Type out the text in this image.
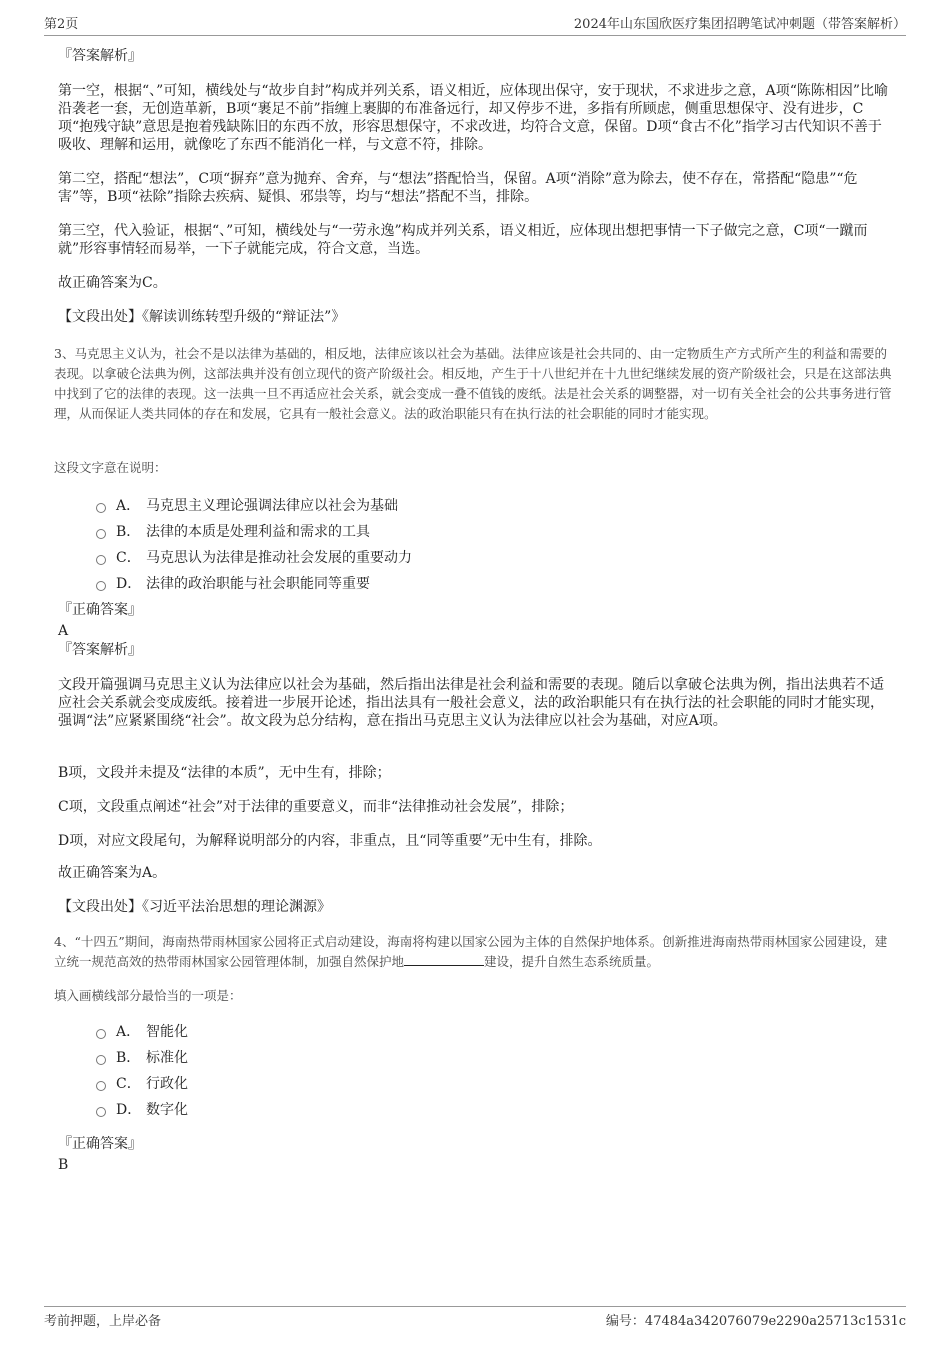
第2页	2024年山东国欣医疗集团招聘笔试冲刺题（带答案解析）
『答案解析』

第一空，根据“、”可知，横线处与“故步自封”构成并列关系，语义相近，应体现出保守，安于现状，不求进步之意，A项“陈陈相因”比喻沿袭老一套，无创造革新，B项“裹足不前”指缠上裹脚的布准备远行，却又停步不进，多指有所顾虑，侧重思想保守、没有进步，C项“抱残守缺”意思是抱着残缺陈旧的东西不放，形容思想保守，不求改进，均符合文意，保留。D项“食古不化”指学习古代知识不善于吸收、理解和运用，就像吃了东西不能消化一样，与文意不符，排除。

第二空，搭配“想法”，C项“摒弃”意为抛弃、舍弃，与“想法”搭配恰当，保留。A项“消除”意为除去，使不存在，常搭配“隐患”“危害”等，B项“祛除”指除去疾病、疑惧、邪祟等，均与“想法”搭配不当，排除。

第三空，代入验证，根据“、”可知，横线处与“一劳永逸”构成并列关系，语义相近，应体现出想把事情一下子做完之意，C项“一蹴而就”形容事情轻而易举，一下子就能完成，符合文意，当选。

故正确答案为C。

【文段出处】《解读训练转型升级的“辩证法”》

3、马克思主义认为，社会不是以法律为基础的，相反地，法律应该以社会为基础。法律应该是社会共同的、由一定物质生产方式所产生的利益和需要的表现。以拿破仑法典为例，这部法典并没有创立现代的资产阶级社会。相反地，产生于十八世纪并在十九世纪继续发展的资产阶级社会，只是在这部法典中找到了它的法律的表现。这一法典一旦不再适应社会关系，就会变成一叠不值钱的废纸。法是社会关系的调整器，对一切有关全社会的公共事务进行管理，从而保证人类共同体的存在和发展，它具有一般社会意义。法的政治职能只有在执行法的社会职能的同时才能实现。

这段文字意在说明：

A． 马克思主义理论强调法律应以社会为基础
B． 法律的本质是处理利益和需求的工具
C． 马克思认为法律是推动社会发展的重要动力
D． 法律的政治职能与社会职能同等重要
『正确答案』
A
『答案解析』

文段开篇强调马克思主义认为法律应以社会为基础，然后指出法律是社会利益和需要的表现。随后以拿破仑法典为例，指出法典若不适应社会关系就会变成废纸。接着进一步展开论述，指出法具有一般社会意义，法的政治职能只有在执行法的社会职能的同时才能实现，强调“法”应紧紧围绕“社会”。故文段为总分结构，意在指出马克思主义认为法律应以社会为基础，对应A项。

B项，文段并未提及“法律的本质”，无中生有，排除；

C项，文段重点阐述“社会”对于法律的重要意义，而非“法律推动社会发展”，排除；

D项，对应文段尾句，为解释说明部分的内容，非重点，且“同等重要”无中生有，排除。

故正确答案为A。

【文段出处】《习近平法治思想的理论渊源》

4、“十四五”期间，海南热带雨林国家公园将正式启动建设，海南将构建以国家公园为主体的自然保护地体系。创新推进海南热带雨林国家公园建设，建立统一规范高效的热带雨林国家公园管理体制，加强自然保护地	建设，提升自然生态系统质量。

填入画横线部分最恰当的一项是：

A． 智能化
B． 标准化
C． 行政化
D． 数字化
『正确答案』
B
考前押题，上岸必备	编号：47484a342076079e2290a25713c1531c
